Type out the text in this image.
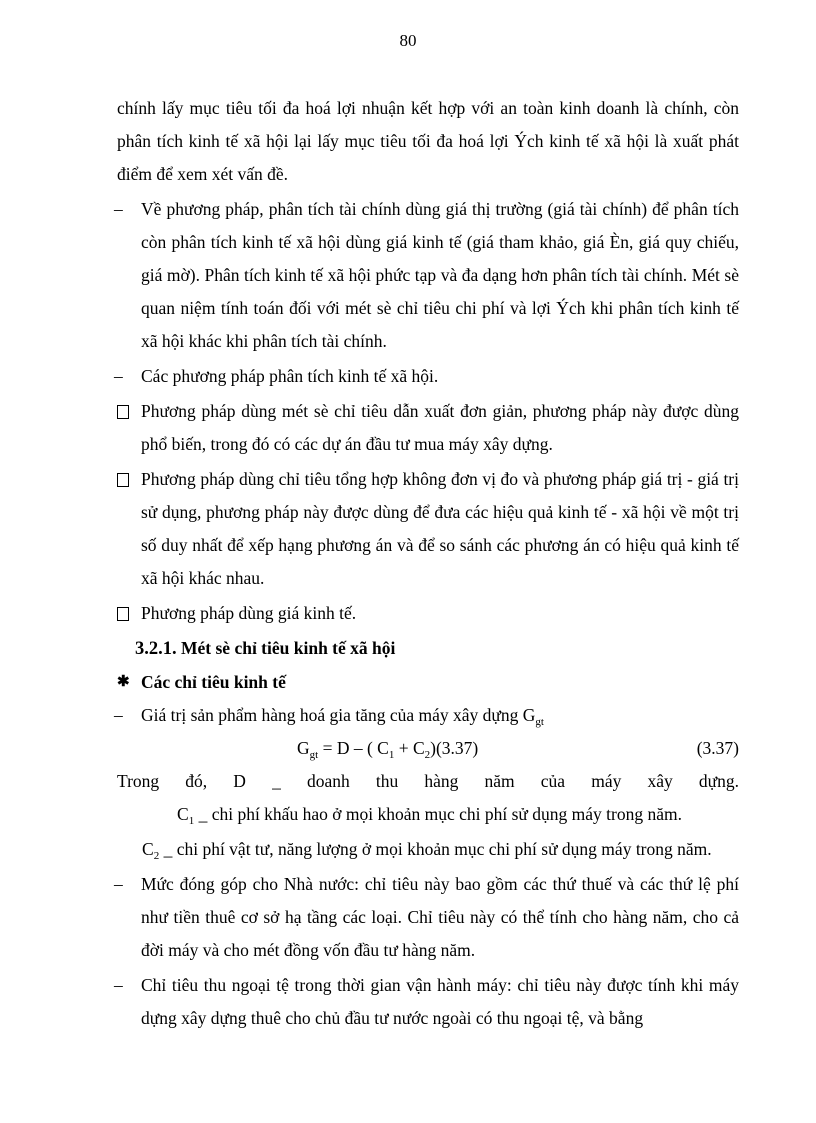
80

chính lấy mục tiêu tối đa hoá lợi nhuận kết hợp với an toàn kinh doanh là chính, còn phân tích kinh tế xã hội lại lấy mục tiêu tối đa hoá lợi Ých kinh tế xã hội là xuất phát điểm để xem xét vấn đề.

– Về phương pháp, phân tích tài chính dùng giá thị trường (giá tài chính) để phân tích còn phân tích kinh tế xã hội dùng giá kinh tế (giá tham khảo, giá Èn, giá quy chiếu, giá mờ). Phân tích kinh tế xã hội phức tạp và đa dạng hơn phân tích tài chính. Mét sè quan niệm tính toán đối với mét sè chỉ tiêu chi phí và lợi Ých khi phân tích kinh tế xã hội khác khi phân tích tài chính.
– Các phương pháp phân tích kinh tế xã hội.
Phương pháp dùng mét sè chỉ tiêu dẫn xuất đơn giản, phương pháp này được dùng phổ biến, trong đó có các dự án đầu tư mua máy xây dựng.
Phương pháp dùng chỉ tiêu tổng hợp không đơn vị đo và phương pháp giá trị - giá trị sử dụng, phương pháp này được dùng để đưa các hiệu quả kinh tế - xã hội về một trị số duy nhất để xếp hạng phương án và để so sánh các phương án có hiệu quả kinh tế xã hội khác nhau.
Phương pháp dùng giá kinh tế.

3.2.1. Mét sè chỉ tiêu kinh tế xã hội

✱ Các chỉ tiêu kinh tế
– Giá trị sản phẩm hàng hoá gia tăng của máy xây dựng $G_{gt}$
$G_{gt} = D$ – ( $C_1 + C_2)(3.37)$	(3.37)

Trong đó, D _ doanh thu hàng năm của máy xây dựng.

$C_1$ _ chi phí khấu hao ở mọi khoản mục chi phí sử dụng máy trong năm.

$C_2$ _ chi phí vật tư, năng lượng ở mọi khoản mục chi phí sử dụng máy trong năm.

– Mức đóng góp cho Nhà nước: chỉ tiêu này bao gồm các thứ thuế và các thứ lệ phí như tiền thuê cơ sở hạ tầng các loại. Chỉ tiêu này có thể tính cho hàng năm, cho cả đời máy và cho mét đồng vốn đầu tư hàng năm.
– Chỉ tiêu thu ngoại tệ trong thời gian vận hành máy: chỉ tiêu này được tính khi máy dựng xây dựng thuê cho chủ đầu tư nước ngoài có thu ngoại tệ, và bằng
